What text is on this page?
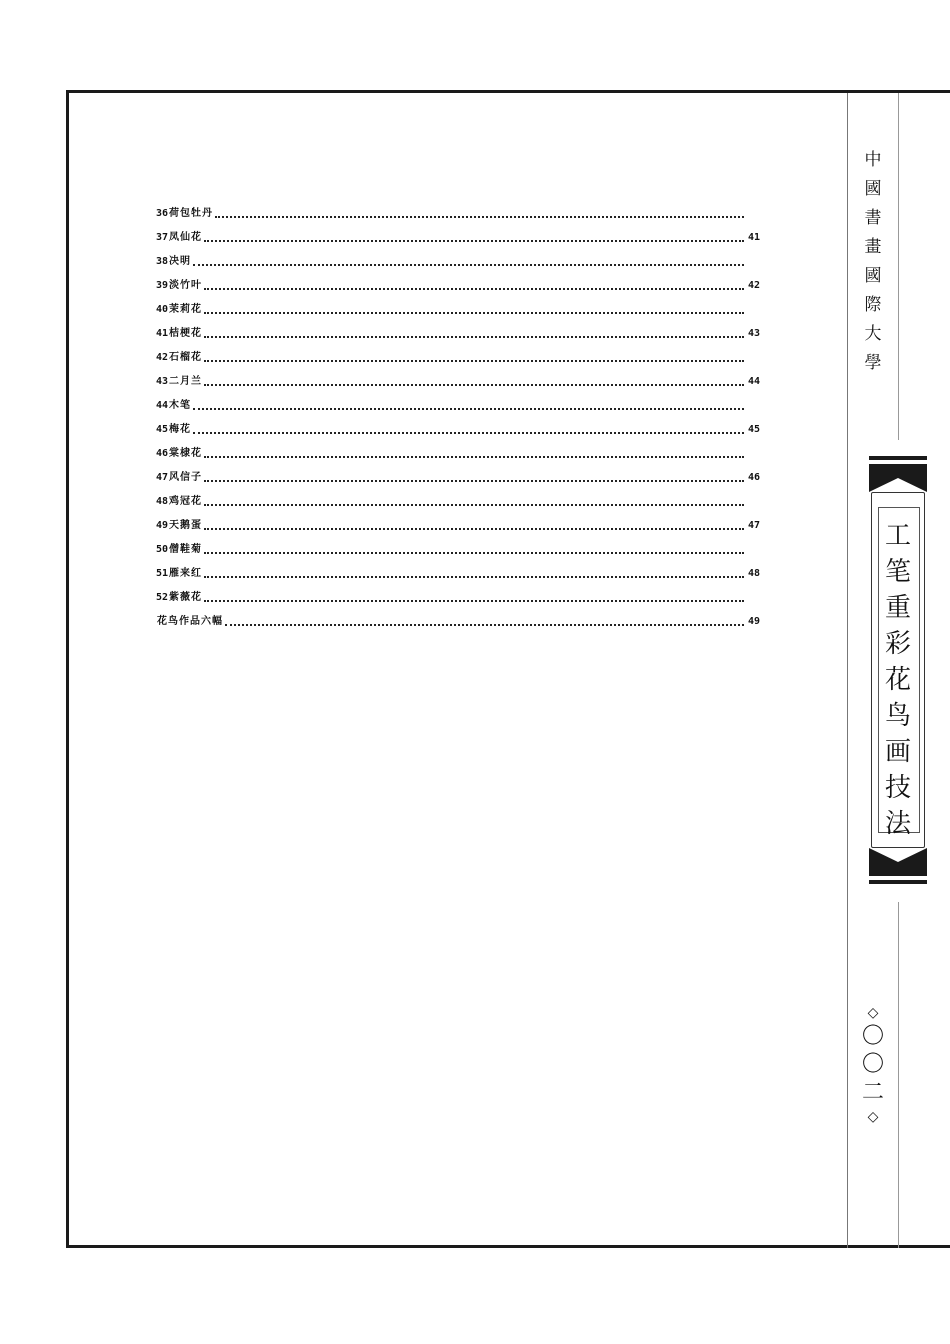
36 荷包牡丹
37 凤仙花	41
38 决明
39 淡竹叶	42
40 茉莉花
41 桔梗花	43
42 石榴花
43 二月兰	44
44 木笔
45 梅花	45
46 棠棣花
47 风信子	46
48 鸡冠花
49 天鹅蛋	47
50 僧鞋菊
51 雁来红	48
52 紫薇花
花鸟作品六幅	49
中
國
書
畫
國
際
大
學
工
笔
重
彩
花
鸟
画
技
法
◇
〇
〇
二
◇
